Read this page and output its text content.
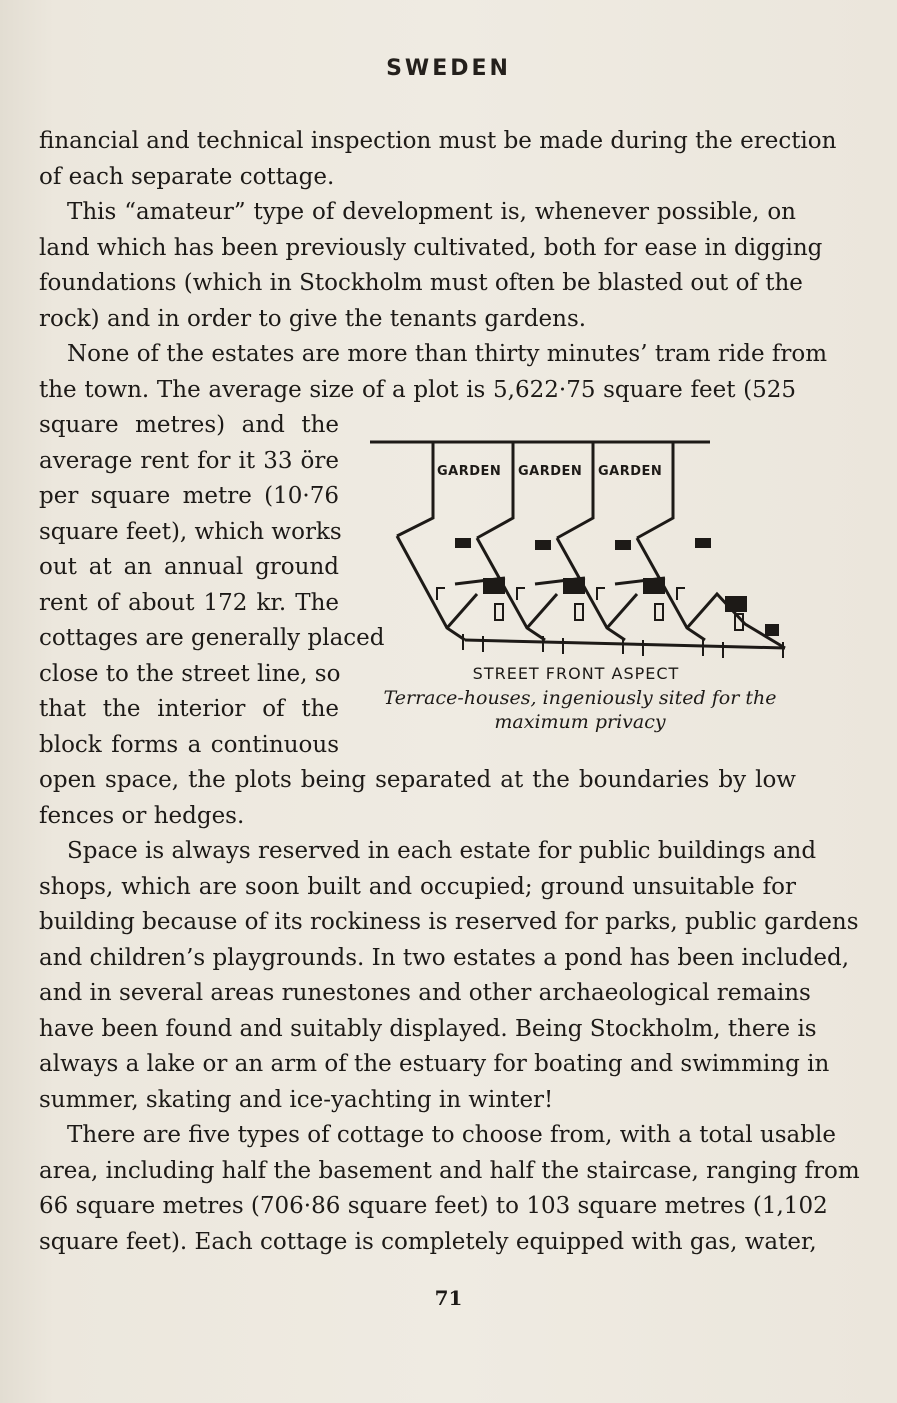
SWEDEN
financial and technical inspection must be made during the erection
of each separate cottage.
This “amateur” type of development is, whenever possible, on
land which has been previously cultivated, both for ease in digging
foundations (which in Stockholm must often be blasted out of the
rock) and in order to give the tenants gardens.
None of the estates are more than thirty minutes’ tram ride from
the town. The average size of a plot is 5,622·75 square feet (525
square metres) and the
average rent for it 33 öre
per square metre (10·76
square feet), which works
out at an annual ground
rent of about 172 kr. The
cottages are generally placed
close to the street line, so
that the interior of the
block forms a continuous
open space, the plots being separated at the boundaries by low
fences or hedges.
Space is always reserved in each estate for public buildings and
shops, which are soon built and occupied; ground unsuitable for
building because of its rockiness is reserved for parks, public gardens
and children’s playgrounds. In two estates a pond has been included,
and in several areas runestones and other archaeological remains
have been found and suitably displayed. Being Stockholm, there is
always a lake or an arm of the estuary for boating and swimming in
summer, skating and ice-yachting in winter!
There are five types of cottage to choose from, with a total usable
area, including half the basement and half the staircase, ranging from
66 square metres (706·86 square feet) to 103 square metres (1,102
square feet). Each cottage is completely equipped with gas, water,
GARDEN GARDEN GARDEN
STREET FRONT ASPECT
Terrace-houses, ingeniously sited for the
maximum privacy
71
